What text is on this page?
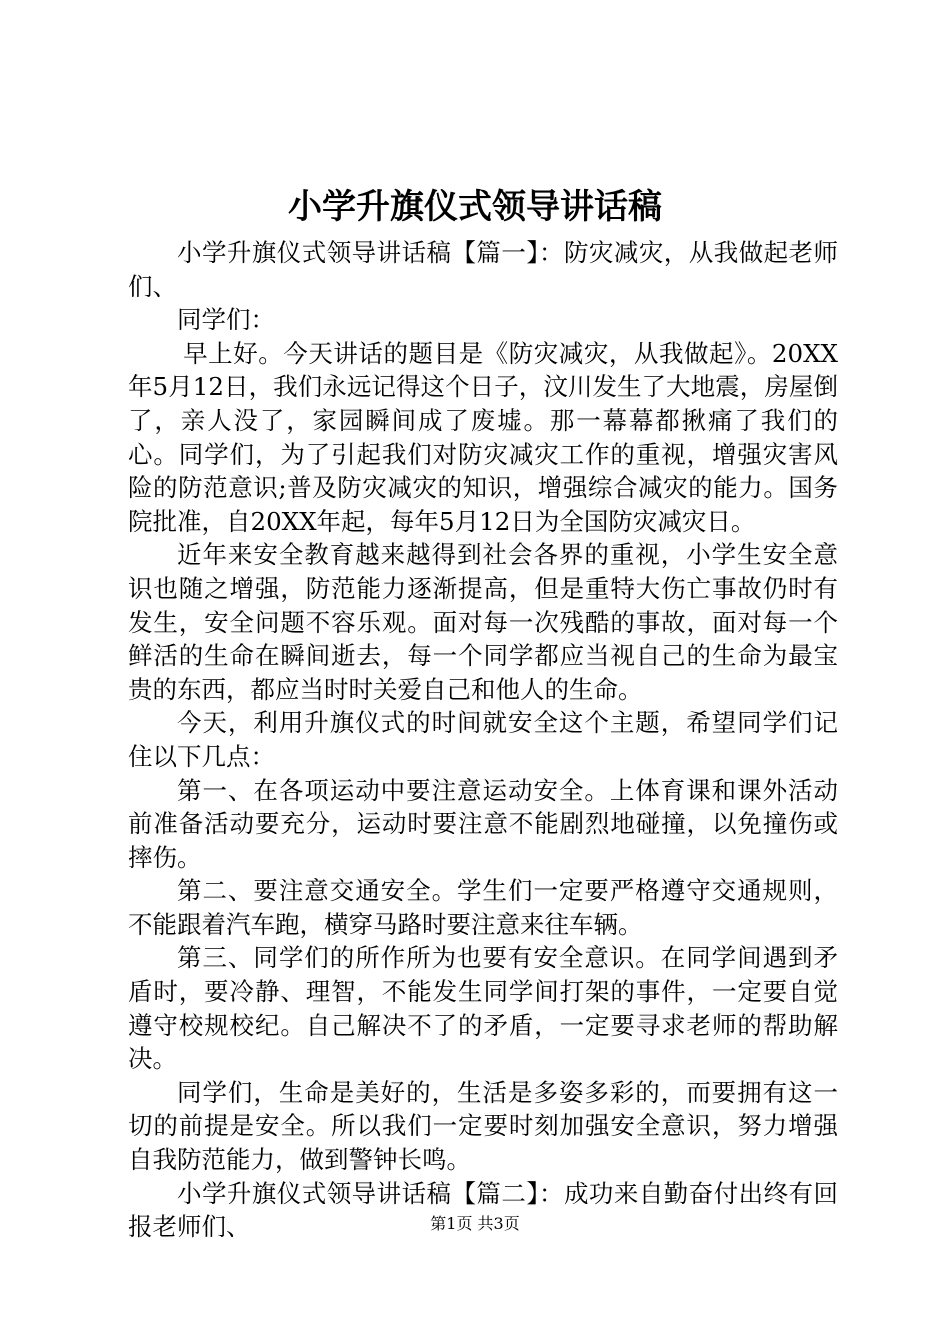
小学升旗仪式领导讲话稿

小学升旗仪式领导讲话稿【篇一】：防灾减灾，从我做起老师们、

同学们：

早上好。今天讲话的题目是《防灾减灾，从我做起》。20XX年5月12日，我们永远记得这个日子，汶川发生了大地震，房屋倒了，亲人没了，家园瞬间成了废墟。那一幕幕都揪痛了我们的心。同学们，为了引起我们对防灾减灾工作的重视，增强灾害风险的防范意识;普及防灾减灾的知识，增强综合减灾的能力。国务院批准，自20XX年起，每年5月12日为全国防灾减灾日。

近年来安全教育越来越得到社会各界的重视，小学生安全意识也随之增强，防范能力逐渐提高，但是重特大伤亡事故仍时有发生，安全问题不容乐观。面对每一次残酷的事故，面对每一个鲜活的生命在瞬间逝去，每一个同学都应当视自己的生命为最宝贵的东西，都应当时时关爱自己和他人的生命。

今天，利用升旗仪式的时间就安全这个主题，希望同学们记住以下几点：

第一、在各项运动中要注意运动安全。上体育课和课外活动前准备活动要充分，运动时要注意不能剧烈地碰撞，以免撞伤或摔伤。

第二、要注意交通安全。学生们一定要严格遵守交通规则，不能跟着汽车跑，横穿马路时要注意来往车辆。

第三、同学们的所作所为也要有安全意识。在同学间遇到矛盾时，要冷静、理智，不能发生同学间打架的事件，一定要自觉遵守校规校纪。自己解决不了的矛盾，一定要寻求老师的帮助解决。

同学们，生命是美好的，生活是多姿多彩的，而要拥有这一切的前提是安全。所以我们一定要时刻加强安全意识，努力增强自我防范能力，做到警钟长鸣。

小学升旗仪式领导讲话稿【篇二】：成功来自勤奋付出终有回报老师们、	第1页 共3页
